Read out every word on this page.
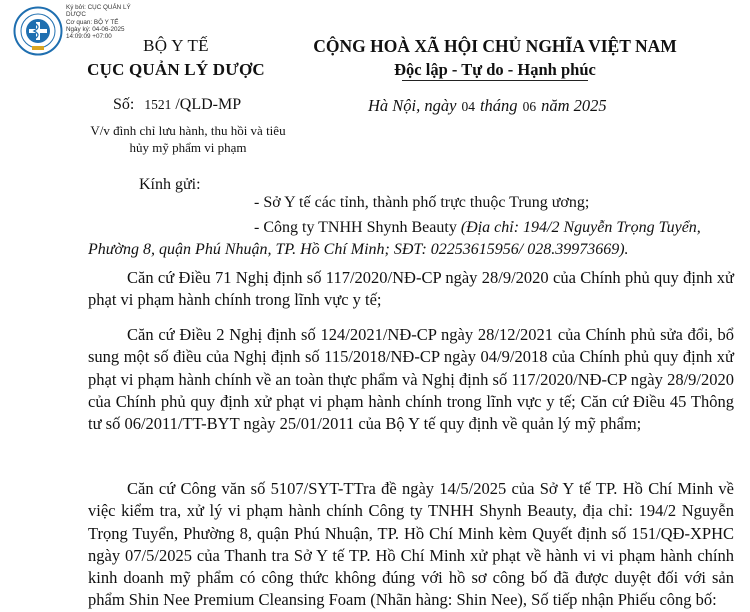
Ký bởi: CỤC QUẢN LÝ DƯỢC
Cơ quan: BỘ Y TẾ
Ngày ký: 04-06-2025 14:09:09 +07:00	BỘ Y TẾ
CỤC QUẢN LÝ DƯỢC
CỘNG HOÀ XÃ HỘI CHỦ NGHĨA VIỆT NAM
Độc lập - Tự do - Hạnh phúc
Số: 1521 /QLD-MP	Hà Nội, ngày 04 tháng 06 năm 2025
V/v đình chỉ lưu hành, thu hồi và tiêu hủy mỹ phẩm vi phạm
Kính gửi:
- Sở Y tế các tỉnh, thành phố trực thuộc Trung ương;
- Công ty TNHH Shynh Beauty (Địa chỉ: 194/2 Nguyễn Trọng Tuyển,
Phường 8, quận Phú Nhuận, TP. Hồ Chí Minh; SĐT: 02253615956/ 028.39973669).

Căn cứ Điều 71 Nghị định số 117/2020/NĐ-CP ngày 28/9/2020 của Chính phủ quy định xử phạt vi phạm hành chính trong lĩnh vực y tế;

Căn cứ Điều 2 Nghị định số 124/2021/NĐ-CP ngày 28/12/2021 của Chính phủ sửa đổi, bổ sung một số điều của Nghị định số 115/2018/NĐ-CP ngày 04/9/2018 của Chính phủ quy định xử phạt vi phạm hành chính về an toàn thực phẩm và Nghị định số 117/2020/NĐ-CP ngày 28/9/2020 của Chính phủ quy định xử phạt vi phạm hành chính trong lĩnh vực y tế; Căn cứ Điều 45 Thông tư số 06/2011/TT-BYT ngày 25/01/2011 của Bộ Y tế quy định về quản lý mỹ phẩm;

Căn cứ Công văn số 5107/SYT-TTra đề ngày 14/5/2025 của Sở Y tế TP. Hồ Chí Minh về việc kiểm tra, xử lý vi phạm hành chính Công ty TNHH Shynh Beauty, địa chỉ: 194/2 Nguyễn Trọng Tuyển, Phường 8, quận Phú Nhuận, TP. Hồ Chí Minh kèm Quyết định số 151/QĐ-XPHC ngày 07/5/2025 của Thanh tra Sở Y tế TP. Hồ Chí Minh xử phạt về hành vi vi phạm hành chính kinh doanh mỹ phẩm có công thức không đúng với hồ sơ công bố đã được duyệt đối với sản phẩm Shin Nee Premium Cleansing Foam (Nhãn hàng: Shin Nee), Số tiếp nhận Phiếu công bố:
